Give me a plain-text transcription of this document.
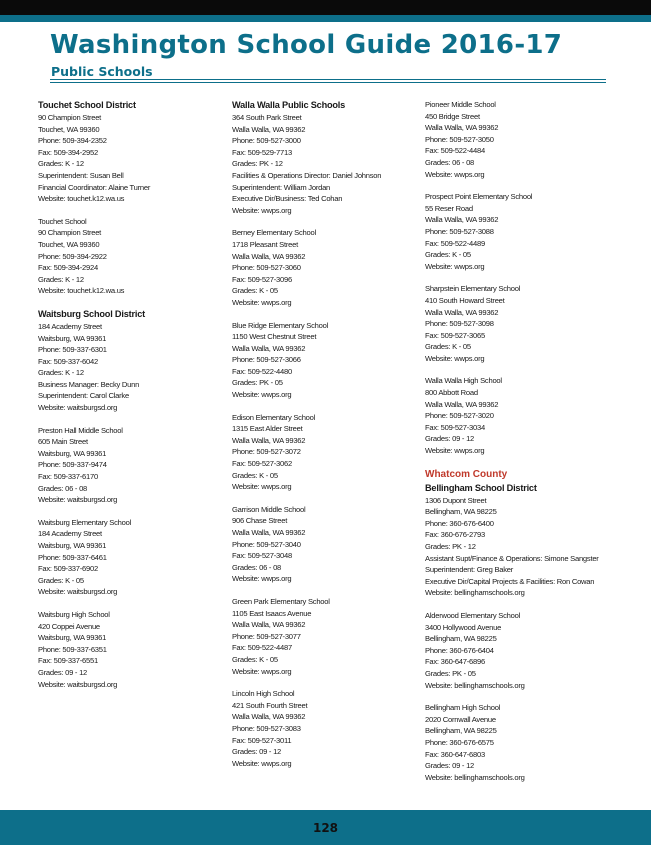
Washington School Guide 2016-17
Public Schools
Touchet School District
90 Champion Street
Touchet, WA 99360
Phone: 509-394-2352
Fax: 509-394-2952
Grades: K - 12
Superintendent: Susan Bell
Financial Coordinator: Alaine Turner
Website: touchet.k12.wa.us
Touchet School
90 Champion Street
Touchet, WA 99360
Phone: 509-394-2922
Fax: 509-394-2924
Grades: K - 12
Website: touchet.k12.wa.us
Waitsburg School District
184 Academy Street
Waitsburg, WA 99361
Phone: 509-337-6301
Fax: 509-337-6042
Grades: K - 12
Business Manager: Becky Dunn
Superintendent: Carol Clarke
Website: waitsburgsd.org
Preston Hall Middle School
605 Main Street
Waitsburg, WA 99361
Phone: 509-337-9474
Fax: 509-337-6170
Grades: 06 - 08
Website: waitsburgsd.org
Waitsburg Elementary School
184 Academy Street
Waitsburg, WA 99361
Phone: 509-337-6461
Fax: 509-337-6902
Grades: K - 05
Website: waitsburgsd.org
Waitsburg High School
420 Coppei Avenue
Waitsburg, WA 99361
Phone: 509-337-6351
Fax: 509-337-6551
Grades: 09 - 12
Website: waitsburgsd.org
Walla Walla Public Schools
364 South Park Street
Walla Walla, WA 99362
Phone: 509-527-3000
Fax: 509-529-7713
Grades: PK - 12
Facilities & Operations Director: Daniel Johnson
Superintendent: William Jordan
Executive Dir/Business: Ted Cohan
Website: wwps.org
Berney Elementary School
1718 Pleasant Street
Walla Walla, WA 99362
Phone: 509-527-3060
Fax: 509-527-3096
Grades: K - 05
Website: wwps.org
Blue Ridge Elementary School
1150 West Chestnut Street
Walla Walla, WA 99362
Phone: 509-527-3066
Fax: 509-522-4480
Grades: PK - 05
Website: wwps.org
Edison Elementary School
1315 East Alder Street
Walla Walla, WA 99362
Phone: 509-527-3072
Fax: 509-527-3062
Grades: K - 05
Website: wwps.org
Garrison Middle School
906 Chase Street
Walla Walla, WA 99362
Phone: 509-527-3040
Fax: 509-527-3048
Grades: 06 - 08
Website: wwps.org
Green Park Elementary School
1105 East Isaacs Avenue
Walla Walla, WA 99362
Phone: 509-527-3077
Fax: 509-522-4487
Grades: K - 05
Website: wwps.org
Lincoln High School
421 South Fourth Street
Walla Walla, WA 99362
Phone: 509-527-3083
Fax: 509-527-3011
Grades: 09 - 12
Website: wwps.org
Pioneer Middle School
450 Bridge Street
Walla Walla, WA 99362
Phone: 509-527-3050
Fax: 509-522-4484
Grades: 06 - 08
Website: wwps.org
Prospect Point Elementary School
55 Reser Road
Walla Walla, WA 99362
Phone: 509-527-3088
Fax: 509-522-4489
Grades: K - 05
Website: wwps.org
Sharpstein Elementary School
410 South Howard Street
Walla Walla, WA 99362
Phone: 509-527-3098
Fax: 509-527-3065
Grades: K - 05
Website: wwps.org
Walla Walla High School
800 Abbott Road
Walla Walla, WA 99362
Phone: 509-527-3020
Fax: 509-527-3034
Grades: 09 - 12
Website: wwps.org
Whatcom County
Bellingham School District
1306 Dupont Street
Bellingham, WA 98225
Phone: 360-676-6400
Fax: 360-676-2793
Grades: PK - 12
Assistant Supt/Finance & Operations: Simone Sangster
Superintendent: Greg Baker
Executive Dir/Capital Projects & Facilities: Ron Cowan
Website: bellinghamschools.org
Alderwood Elementary School
3400 Hollywood Avenue
Bellingham, WA 98225
Phone: 360-676-6404
Fax: 360-647-6896
Grades: PK - 05
Website: bellinghamschools.org
Bellingham High School
2020 Cornwall Avenue
Bellingham, WA 98225
Phone: 360-676-6575
Fax: 360-647-6803
Grades: 09 - 12
Website: bellinghamschools.org
128
